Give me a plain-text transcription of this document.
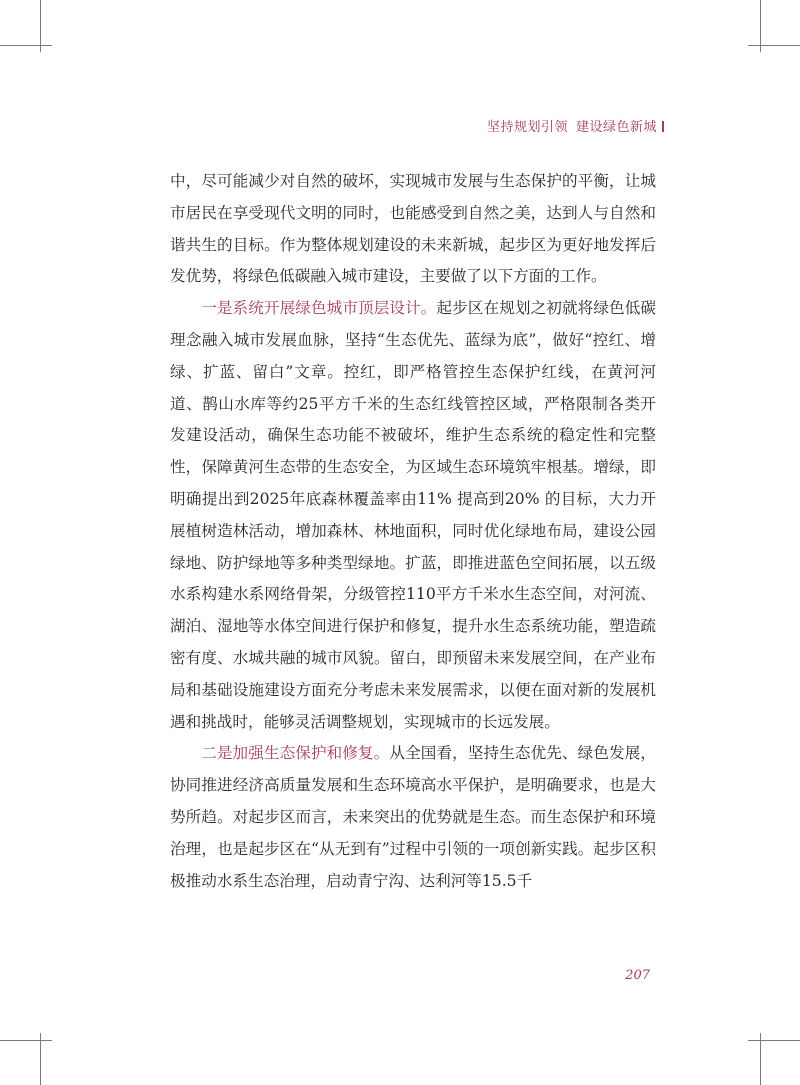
坚持规划引领 建设绿色新城

中，尽可能减少对自然的破坏，实现城市发展与生态保护的平衡，让城市居民在享受现代文明的同时，也能感受到自然之美，达到人与自然和谐共生的目标。作为整体规划建设的未来新城，起步区为更好地发挥后发优势，将绿色低碳融入城市建设，主要做了以下方面的工作。

一是系统开展绿色城市顶层设计。起步区在规划之初就将绿色低碳理念融入城市发展血脉，坚持“生态优先、蓝绿为底”，做好“控红、增绿、扩蓝、留白”文章。控红，即严格管控生态保护红线，在黄河河道、鹊山水库等约25平方千米的生态红线管控区域，严格限制各类开发建设活动，确保生态功能不被破坏，维护生态系统的稳定性和完整性，保障黄河生态带的生态安全，为区域生态环境筑牢根基。增绿，即明确提出到2025年底森林覆盖率由11% 提高到20% 的目标，大力开展植树造林活动，增加森林、林地面积，同时优化绿地布局，建设公园绿地、防护绿地等多种类型绿地。扩蓝，即推进蓝色空间拓展，以五级水系构建水系网络骨架，分级管控110平方千米水生态空间，对河流、湖泊、湿地等水体空间进行保护和修复，提升水生态系统功能，塑造疏密有度、水城共融的城市风貌。留白，即预留未来发展空间，在产业布局和基础设施建设方面充分考虑未来发展需求，以便在面对新的发展机遇和挑战时，能够灵活调整规划，实现城市的长远发展。

二是加强生态保护和修复。从全国看，坚持生态优先、绿色发展，协同推进经济高质量发展和生态环境高水平保护，是明确要求，也是大势所趋。对起步区而言，未来突出的优势就是生态。而生态保护和环境治理，也是起步区在“从无到有”过程中引领的一项创新实践。起步区积极推动水系生态治理，启动青宁沟、达利河等15.5千

207
